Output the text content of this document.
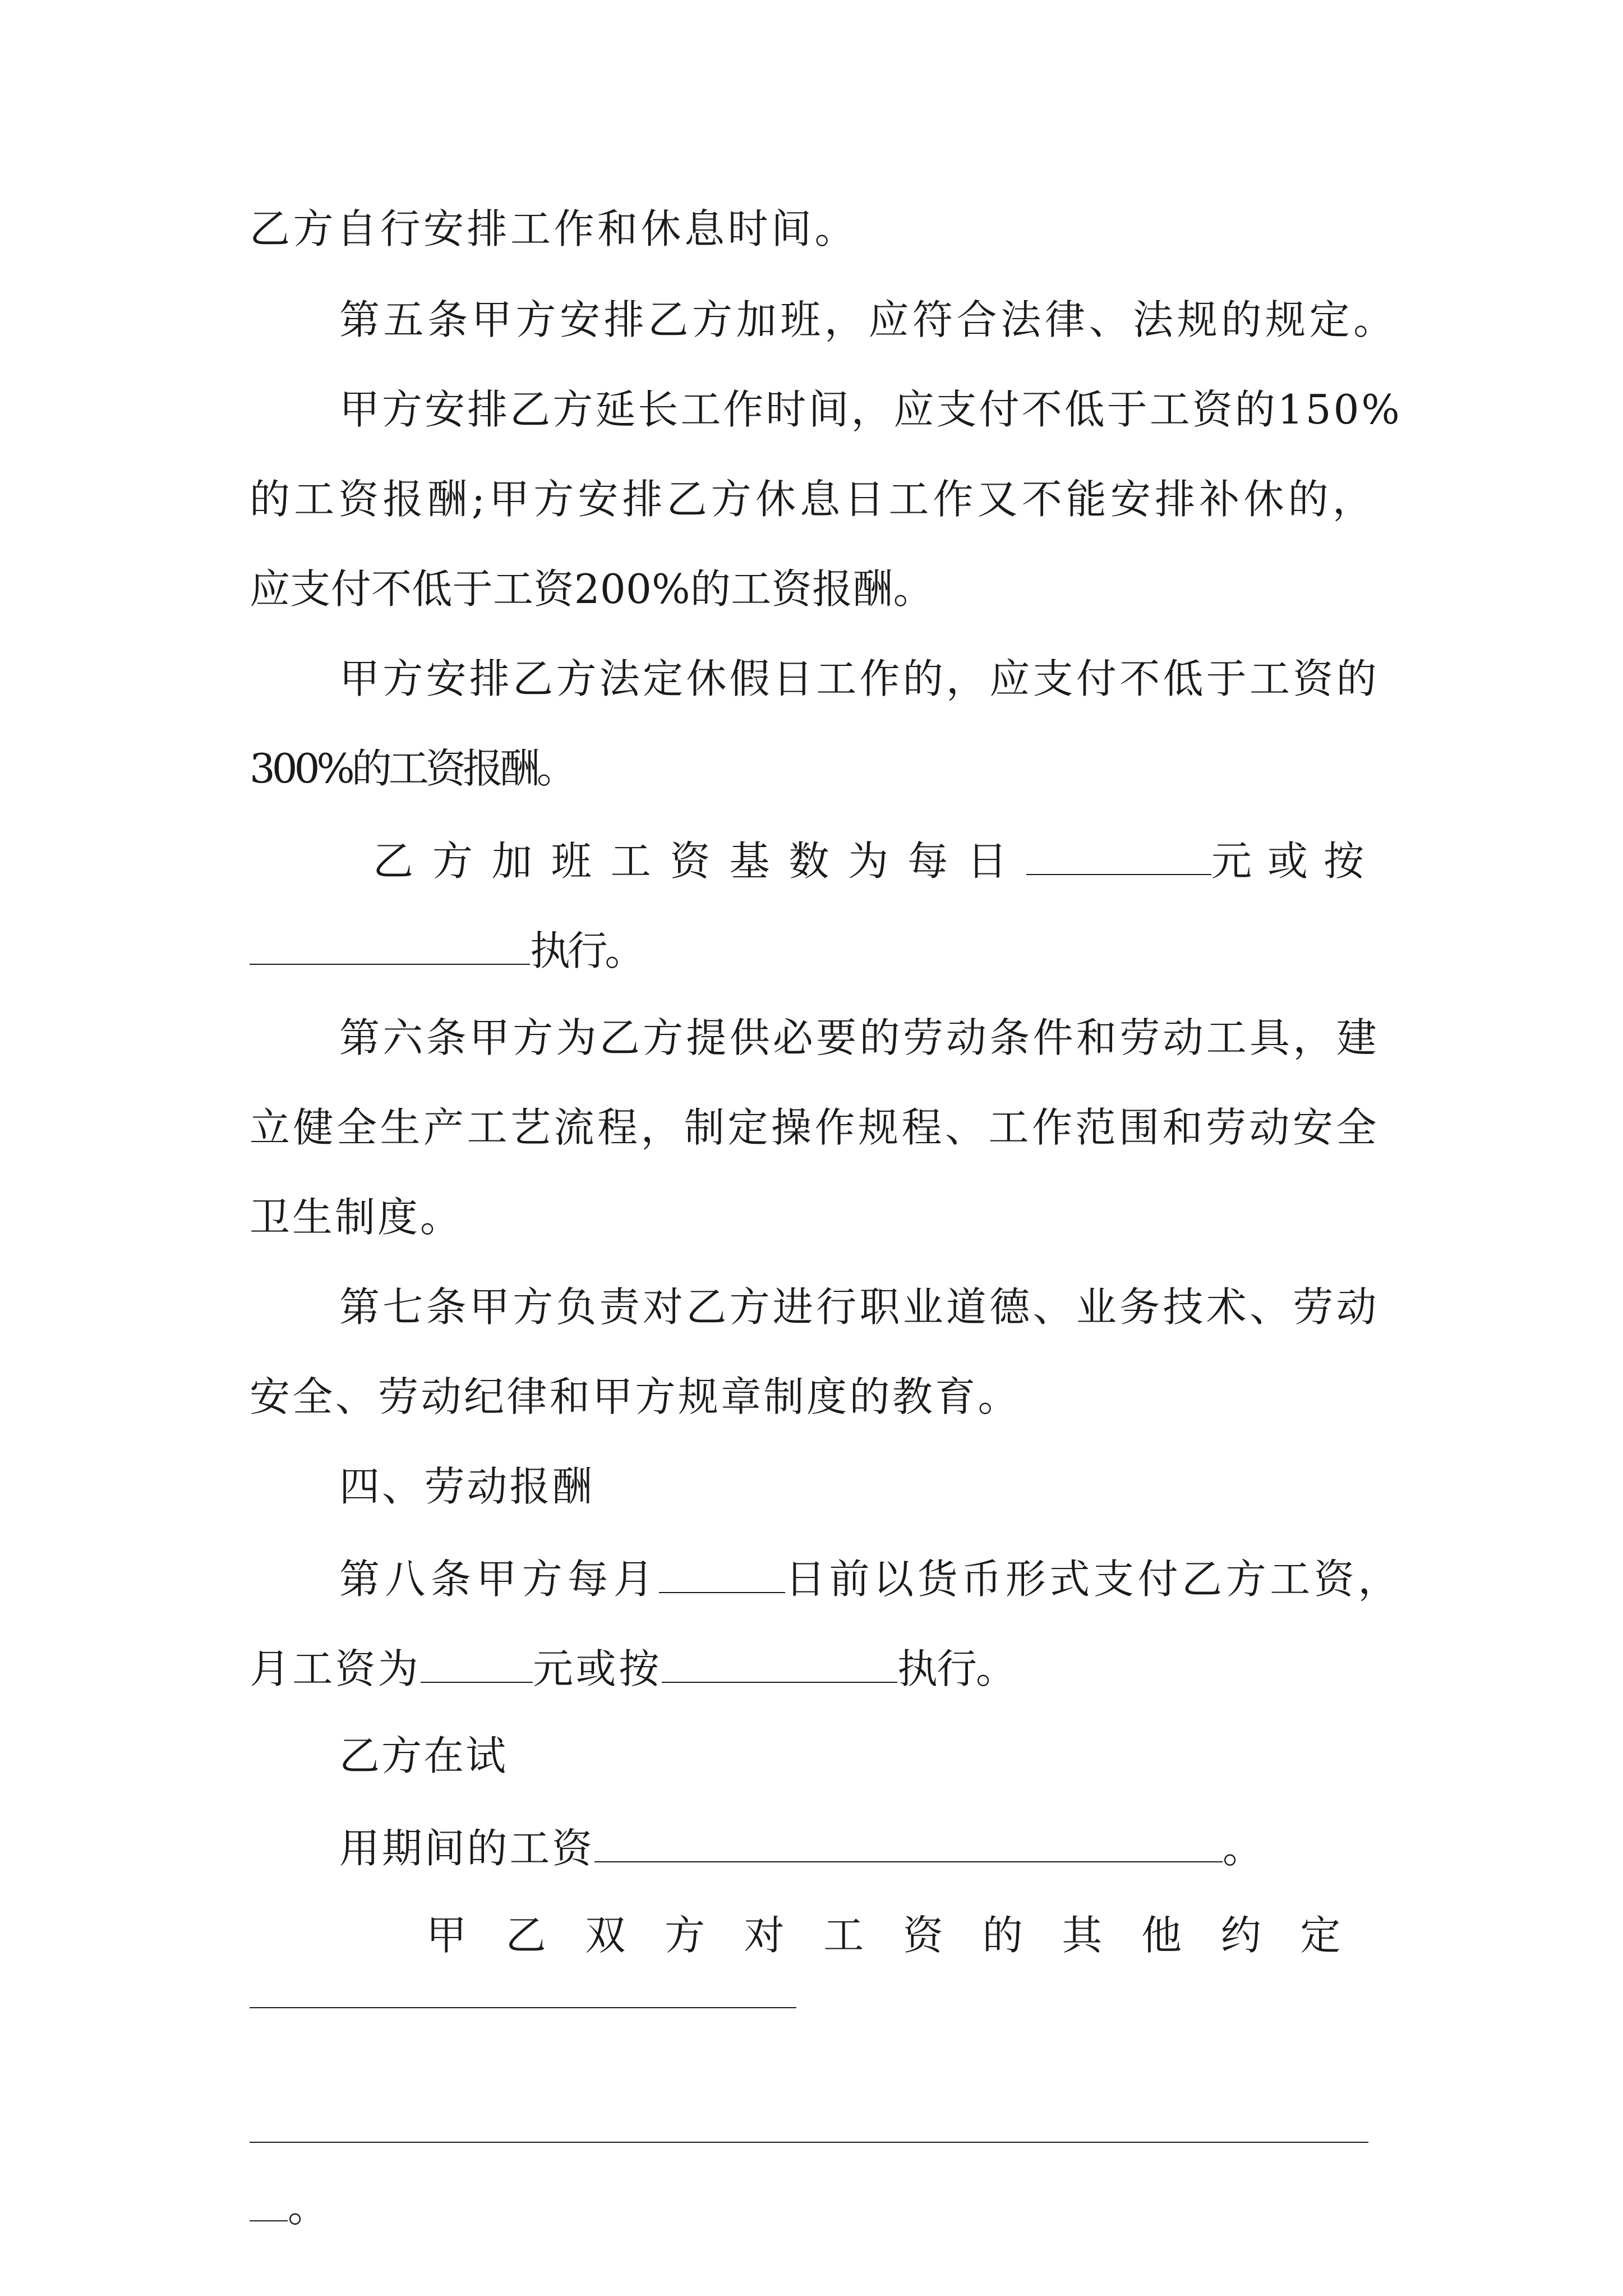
乙方自行安排工作和休息时间。
第五条甲方安排乙方加班，应符合法律、法规的规定。
甲方安排乙方延长工作时间，应支付不低于工资的150%
的工资报酬;甲方安排乙方休息日工作又不能安排补休的，
应支付不低于工资200%的工资报酬。
甲方安排乙方法定休假日工作的，应支付不低于工资的
300%的工资报酬。
乙方加班工资基数为每日	元或按
执行。
第六条甲方为乙方提供必要的劳动条件和劳动工具，建
立健全生产工艺流程，制定操作规程、工作范围和劳动安全
卫生制度。
第七条甲方负责对乙方进行职业道德、业务技术、劳动
安全、劳动纪律和甲方规章制度的教育。
四、劳动报酬
第八条甲方每月	日前以货币形式支付乙方工资，
月工资为	元或按	执行。
乙方在试
用期间的工资	。
甲乙双方对工资的其他约定
。
